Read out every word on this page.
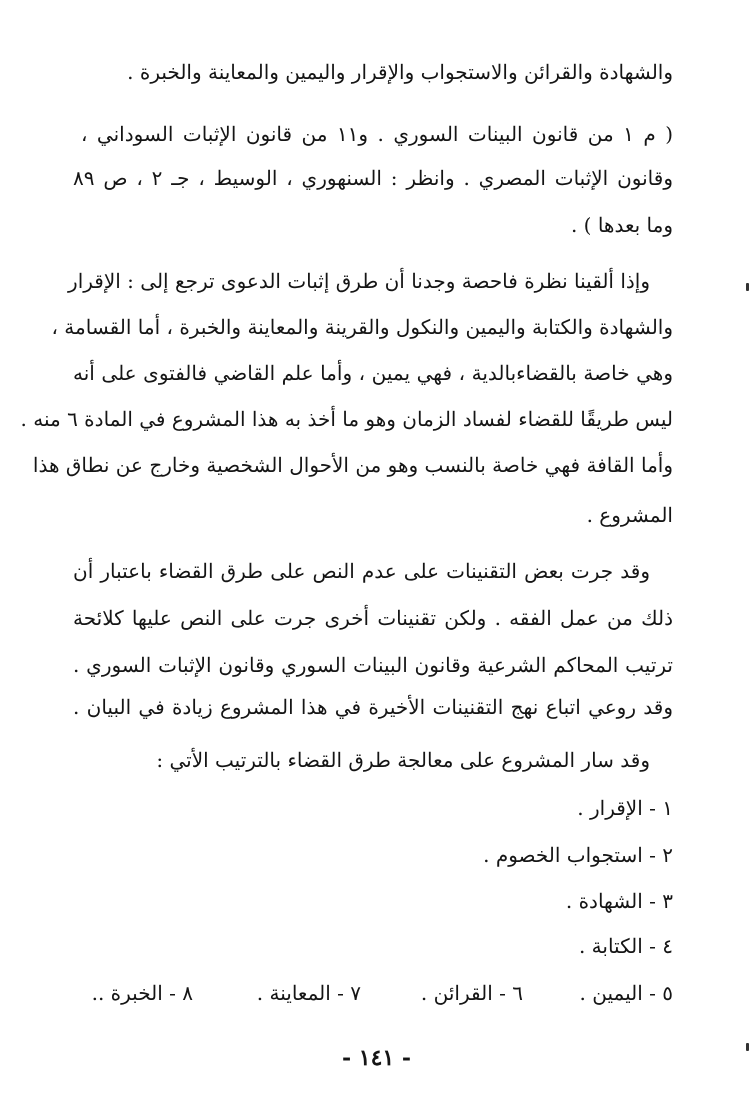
والشهادة والقرائن والاستجواب والإقرار واليمين والمعاينة والخبرة .
( م ١ من قانون البينات السوري . و١١ من قانون الإثبات السوداني ،
وقانون الإثبات المصري . وانظر : السنهوري ، الوسيط ، جـ ٢ ، ص ٨٩
وما بعدها ) .
وإذا ألقينا نظرة فاحصة وجدنا أن طرق إثبات الدعوى ترجع إلى : الإقرار
والشهادة والكتابة واليمين والنكول والقرينة والمعاينة والخبرة ، أما القسامة ،
وهي خاصة بالقضاءبالدية ، فهي يمين ، وأما علم القاضي فالفتوى على أنه
ليس طريقًا للقضاء لفساد الزمان وهو ما أخذ به هذا المشروع في المادة ٦ منه .
وأما القافة فهي خاصة بالنسب وهو من الأحوال الشخصية وخارج عن نطاق هذا
المشروع .
وقد جرت بعض التقنينات على عدم النص على طرق القضاء باعتبار أن
ذلك من عمل الفقه . ولكن تقنينات أخرى جرت على النص عليها كلائحة
ترتيب المحاكم الشرعية وقانون البينات السوري وقانون الإثبات السوري .
وقد روعي اتباع نهج التقنينات الأخيرة في هذا المشروع زيادة في البيان .
وقد سار المشروع على معالجة طرق القضاء بالترتيب الأتي :
١ - الإقرار .
٢ - استجواب الخصوم .
٣ - الشهادة .
٤ - الكتابة .
٥ - اليمين .
٦ - القرائن .
٧ - المعاينة .
٨ - الخبرة ..
- ١٤١ -
